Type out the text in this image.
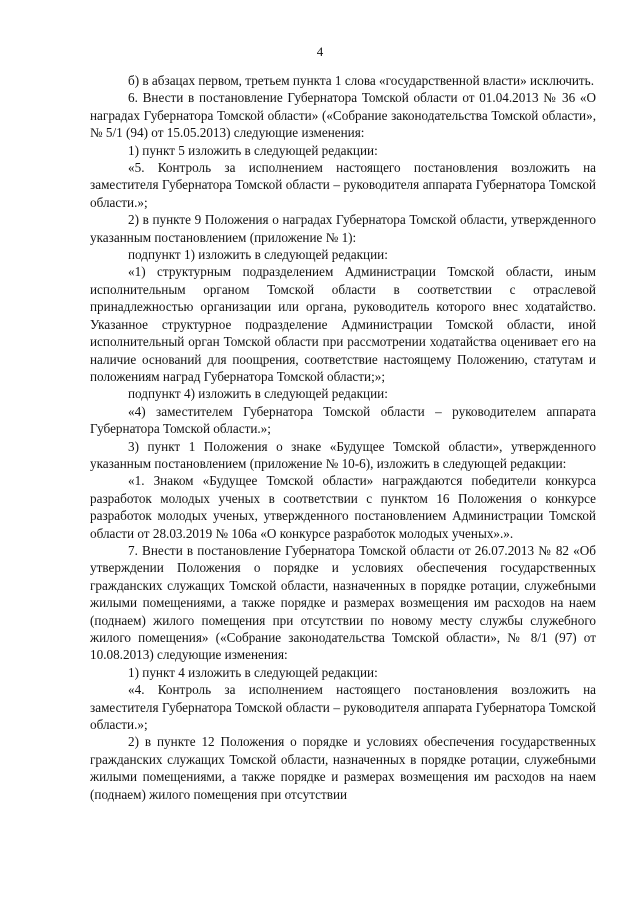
4

б) в абзацах первом, третьем пункта 1 слова «государственной власти» исключить.

6. Внести в постановление Губернатора Томской области от 01.04.2013 № 36 «О наградах Губернатора Томской области» («Собрание законодательства Томской области», № 5/1 (94) от 15.05.2013) следующие изменения:

1) пункт 5 изложить в следующей редакции:

«5. Контроль за исполнением настоящего постановления возложить на заместителя Губернатора Томской области – руководителя аппарата Губернатора Томской области.»;

2) в пункте 9 Положения о наградах Губернатора Томской области, утвержденного указанным постановлением (приложение № 1):

подпункт 1) изложить в следующей редакции:

«1) структурным подразделением Администрации Томской области, иным исполнительным органом Томской области в соответствии с отраслевой принадлежностью организации или органа, руководитель которого внес ходатайство. Указанное структурное подразделение Администрации Томской области, иной исполнительный орган Томской области при рассмотрении ходатайства оценивает его на наличие оснований для поощрения, соответствие настоящему Положению, статутам и положениям наград Губернатора Томской области;»;

подпункт 4) изложить в следующей редакции:

«4) заместителем Губернатора Томской области – руководителем аппарата Губернатора Томской области.»;

3) пункт 1 Положения о знаке «Будущее Томской области», утвержденного указанным постановлением (приложение № 10-6), изложить в следующей редакции:

«1. Знаком «Будущее Томской области» награждаются победители конкурса разработок молодых ученых в соответствии с пунктом 16 Положения о конкурсе разработок молодых ученых, утвержденного постановлением Администрации Томской области от 28.03.2019 № 106а «О конкурсе разработок молодых ученых».».

7. Внести в постановление Губернатора Томской области от 26.07.2013 № 82 «Об утверждении Положения о порядке и условиях обеспечения государственных гражданских служащих Томской области, назначенных в порядке ротации, служебными жилыми помещениями, а также порядке и размерах возмещения им расходов на наем (поднаем) жилого помещения при отсутствии по новому месту службы служебного жилого помещения» («Собрание законодательства Томской области», № 8/1 (97) от 10.08.2013) следующие изменения:

1) пункт 4 изложить в следующей редакции:

«4. Контроль за исполнением настоящего постановления возложить на заместителя Губернатора Томской области – руководителя аппарата Губернатора Томской области.»;

2) в пункте 12 Положения о порядке и условиях обеспечения государственных гражданских служащих Томской области, назначенных в порядке ротации, служебными жилыми помещениями, а также порядке и размерах возмещения им расходов на наем (поднаем) жилого помещения при отсутствии
